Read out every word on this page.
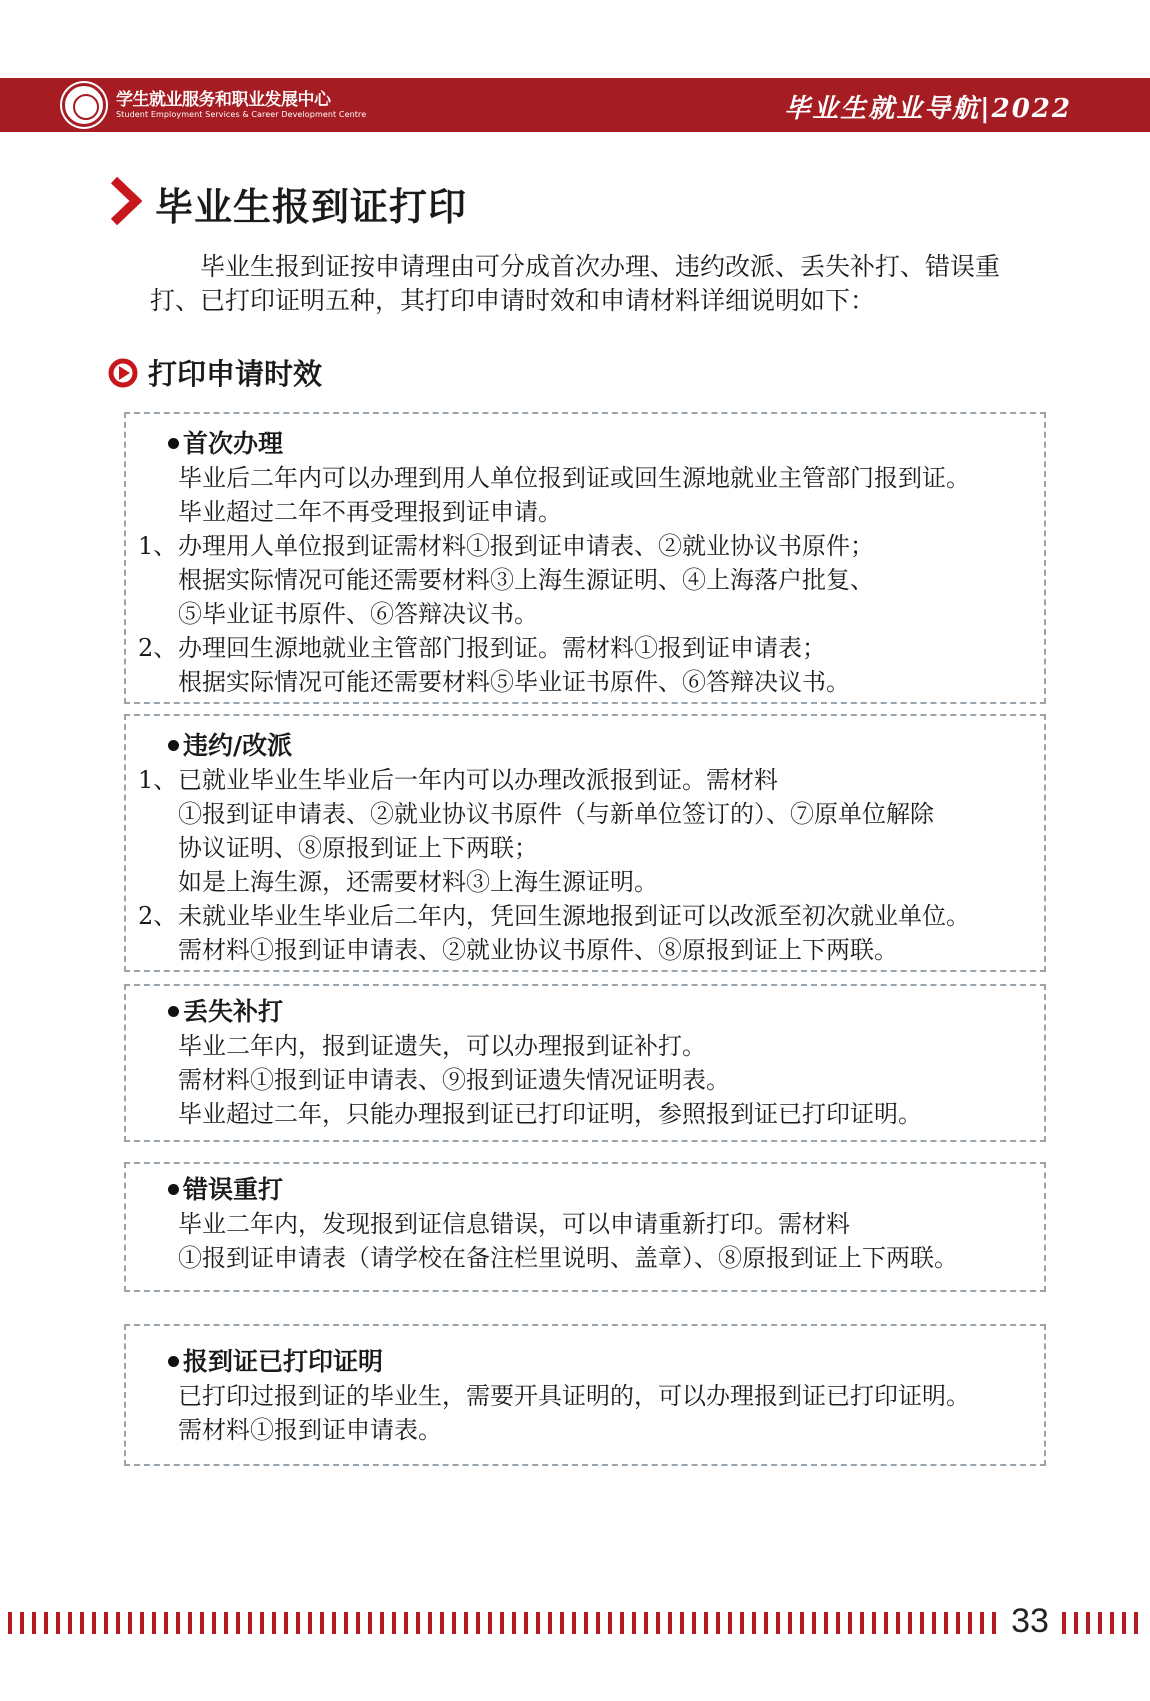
学生就业服务和职业发展中心
Student Employment Services & Career Development Centre	毕业生就业导航|2022
毕业生报到证打印

毕业生报到证按申请理由可分成首次办理、违约改派、丢失补打、错误重打、已打印证明五种，其打印申请时效和申请材料详细说明如下：

打印申请时效
首次办理
毕业后二年内可以办理到用人单位报到证或回生源地就业主管部门报到证。
毕业超过二年不再受理报到证申请。
1、 办理用人单位报到证需材料①报到证申请表、②就业协议书原件；
根据实际情况可能还需要材料③上海生源证明、④上海落户批复、
⑤毕业证书原件、⑥答辩决议书。
2、 办理回生源地就业主管部门报到证。需材料①报到证申请表；
根据实际情况可能还需要材料⑤毕业证书原件、⑥答辩决议书。
违约/改派
1、 已就业毕业生毕业后一年内可以办理改派报到证。需材料
①报到证申请表、②就业协议书原件（与新单位签订的）、⑦原单位解除
协议证明、⑧原报到证上下两联；
如是上海生源，还需要材料③上海生源证明。
2、 未就业毕业生毕业后二年内，凭回生源地报到证可以改派至初次就业单位。
需材料①报到证申请表、②就业协议书原件、⑧原报到证上下两联。
丢失补打
毕业二年内，报到证遗失，可以办理报到证补打。
需材料①报到证申请表、⑨报到证遗失情况证明表。
毕业超过二年，只能办理报到证已打印证明，参照报到证已打印证明。
错误重打
毕业二年内，发现报到证信息错误，可以申请重新打印。需材料
①报到证申请表（请学校在备注栏里说明、盖章）、⑧原报到证上下两联。
报到证已打印证明
已打印过报到证的毕业生，需要开具证明的，可以办理报到证已打印证明。
需材料①报到证申请表。
33
